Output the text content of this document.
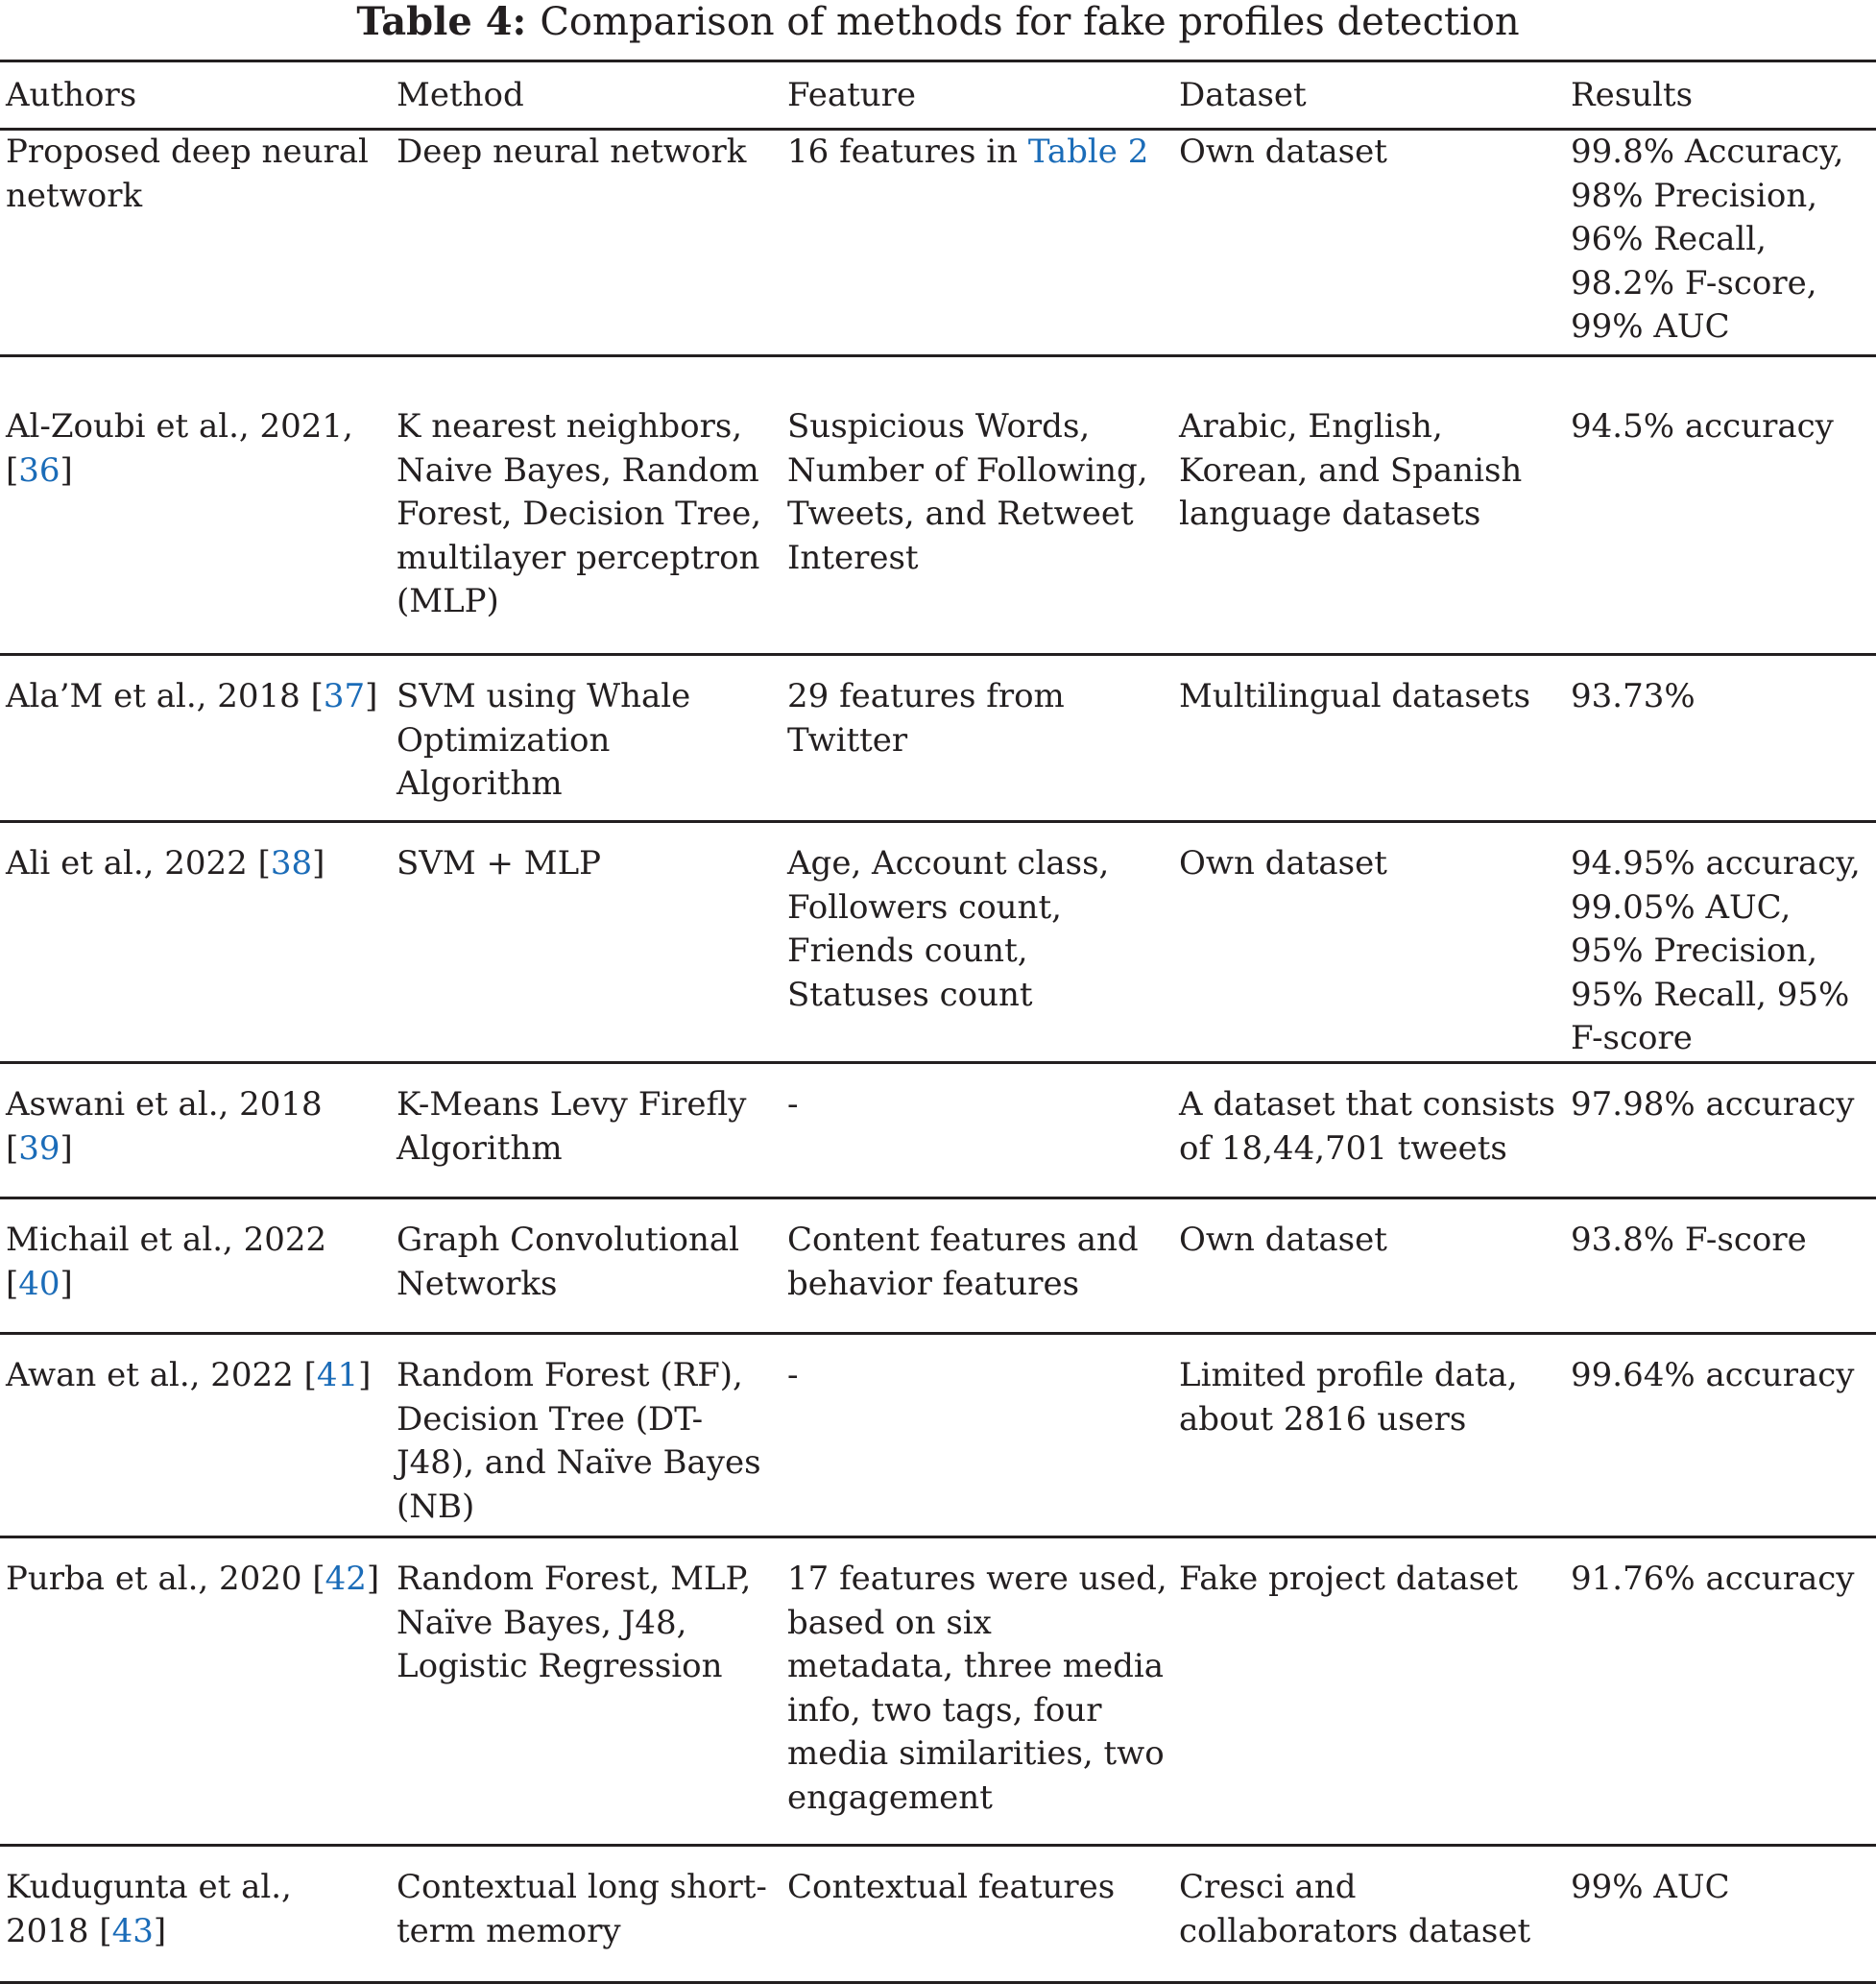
Table 4: Comparison of methods for fake profiles detection
Authors	Method	Feature	Dataset	Results
Proposed deep neural network	Deep neural network	16 features in Table 2	Own dataset	99.8% Accuracy, 98% Precision, 96% Recall, 98.2% F-score, 99% AUC
Al-Zoubi et al., 2021, [36]	K nearest neighbors, Naive Bayes, Random Forest, Decision Tree, multilayer perceptron (MLP)	Suspicious Words, Number of Following, Tweets, and Retweet Interest	Arabic, English, Korean, and Spanish language datasets	94.5% accuracy
Ala’M et al., 2018 [37]	SVM using Whale Optimization Algorithm	29 features from Twitter	Multilingual datasets	93.73%
Ali et al., 2022 [38]	SVM + MLP	Age, Account class, Followers count, Friends count, Statuses count	Own dataset	94.95% accuracy, 99.05% AUC, 95% Precision, 95% Recall, 95% F-score
Aswani et al., 2018 [39]	K-Means Levy Firefly Algorithm	-	A dataset that consists of 18,44,701 tweets	97.98% accuracy
Michail et al., 2022 [40]	Graph Convolutional Networks	Content features and behavior features	Own dataset	93.8% F-score
Awan et al., 2022 [41]	Random Forest (RF), Decision Tree (DT-J48), and Naïve Bayes (NB)	-	Limited profile data, about 2816 users	99.64% accuracy
Purba et al., 2020 [42]	Random Forest, MLP, Naïve Bayes, J48, Logistic Regression	17 features were used, based on six metadata, three media info, two tags, four media similarities, two engagement	Fake project dataset	91.76% accuracy
Kudugunta et al., 2018 [43]	Contextual long short-term memory	Contextual features	Cresci and collaborators dataset	99% AUC
